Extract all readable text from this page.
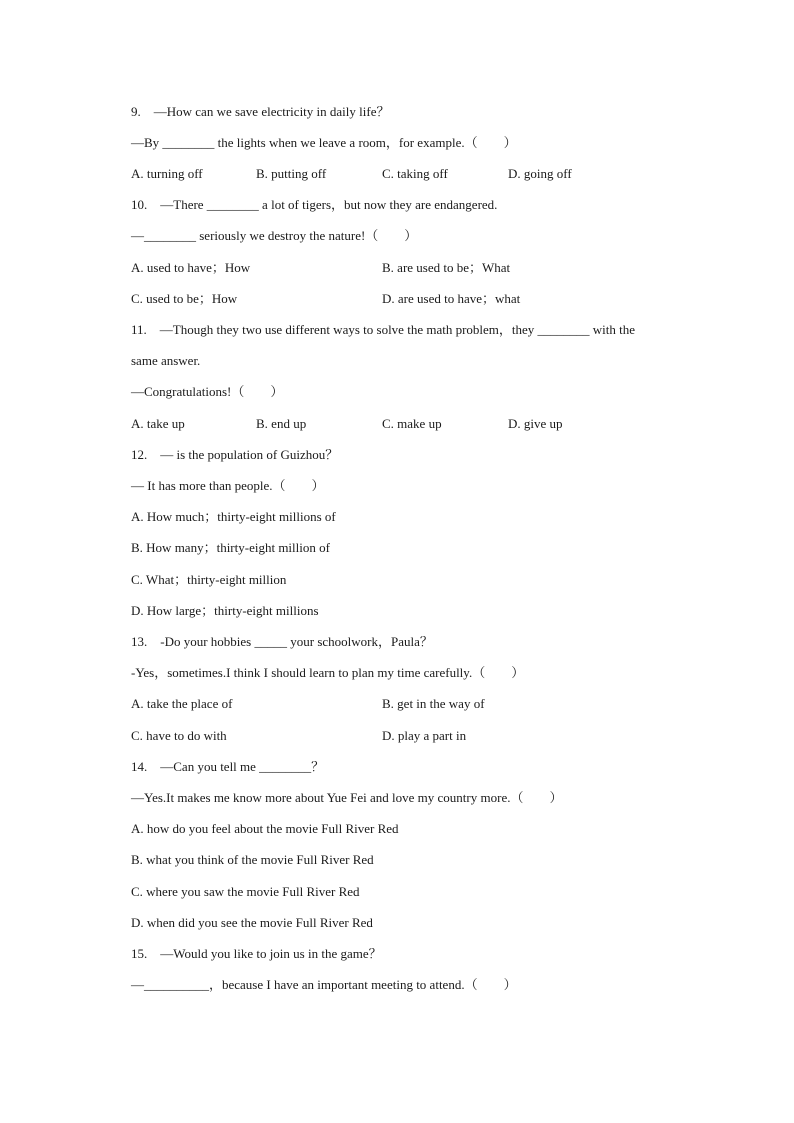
9.　—How can we save electricity in daily life？
—By ________ the lights when we leave a room，for example.（　　）
A. turning off	B. putting off	C. taking off	D. going off
10.　—There ________ a lot of tigers，but now they are endangered.
—________ seriously we destroy the nature!（　　）
A. used to have；How	B. are used to be；What
C. used to be；How	D. are used to have；what
11.　—Though they two use different ways to solve the math problem，they ________ with the
same answer.
—Congratulations!（　　）
A. take up	B. end up	C. make up	D. give up
12.　— is the population of Guizhou？
— It has more than people.（　　）
A. How much；thirty-eight millions of
B. How many；thirty-eight million of
C. What；thirty-eight million
D. How large；thirty-eight millions
13.　-Do your hobbies _____ your schoolwork，Paula？
-Yes，sometimes.I think I should learn to plan my time carefully.（　　）
A. take the place of	B. get in the way of
C. have to do with	D. play a part in
14.　—Can you tell me ________？
—Yes.It makes me know more about Yue Fei and love my country more.（　　）
A. how do you feel about the movie Full River Red
B. what you think of the movie Full River Red
C. where you saw the movie Full River Red
D. when did you see the movie Full River Red
15.　—Would you like to join us in the game？
—__________，because I have an important meeting to attend.（　　）
